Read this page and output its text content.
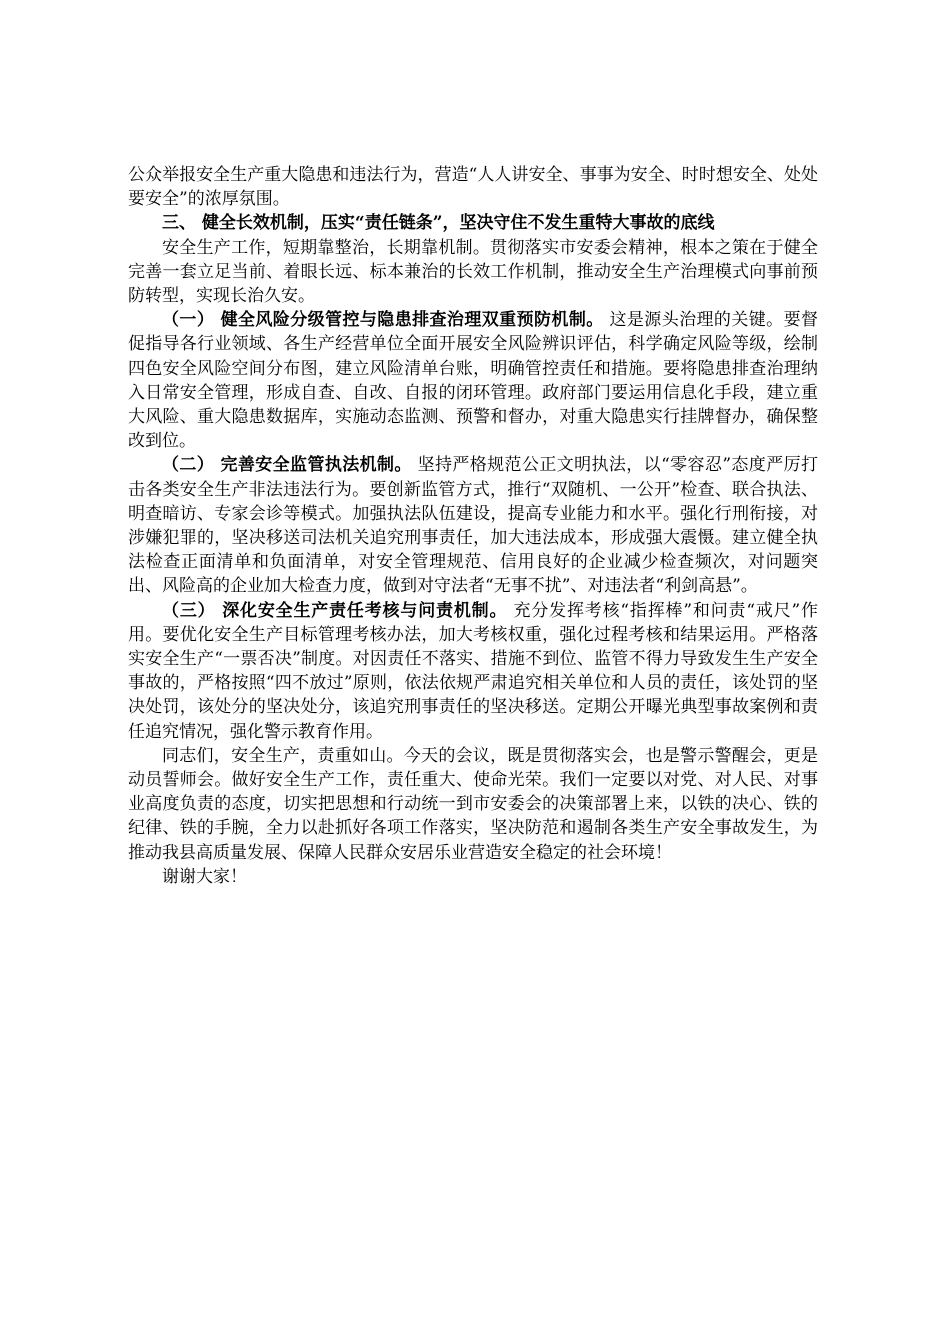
公众举报安全生产重大隐患和违法行为，营造“人人讲安全、事事为安全、时时想安全、处处要安全”的浓厚氛围。

三、 健全长效机制，压实“责任链条”，坚决守住不发生重特大事故的底线

安全生产工作，短期靠整治，长期靠机制。贯彻落实市安委会精神，根本之策在于健全完善一套立足当前、着眼长远、标本兼治的长效工作机制，推动安全生产治理模式向事前预防转型，实现长治久安。

（一） 健全风险分级管控与隐患排查治理双重预防机制。 这是源头治理的关键。要督促指导各行业领域、各生产经营单位全面开展安全风险辨识评估，科学确定风险等级，绘制四色安全风险空间分布图，建立风险清单台账，明确管控责任和措施。要将隐患排查治理纳入日常安全管理，形成自查、自改、自报的闭环管理。政府部门要运用信息化手段，建立重大风险、重大隐患数据库，实施动态监测、预警和督办，对重大隐患实行挂牌督办，确保整改到位。

（二） 完善安全监管执法机制。 坚持严格规范公正文明执法，以“零容忍”态度严厉打击各类安全生产非法违法行为。要创新监管方式，推行“双随机、一公开”检查、联合执法、明查暗访、专家会诊等模式。加强执法队伍建设，提高专业能力和水平。强化行刑衔接，对涉嫌犯罪的，坚决移送司法机关追究刑事责任，加大违法成本，形成强大震慑。建立健全执法检查正面清单和负面清单，对安全管理规范、信用良好的企业减少检查频次，对问题突出、风险高的企业加大检查力度，做到对守法者“无事不扰”、对违法者“利剑高悬”。

（三） 深化安全生产责任考核与问责机制。 充分发挥考核“指挥棒”和问责“戒尺”作用。要优化安全生产目标管理考核办法，加大考核权重，强化过程考核和结果运用。严格落实安全生产“一票否决”制度。对因责任不落实、措施不到位、监管不得力导致发生生产安全事故的，严格按照“四不放过”原则，依法依规严肃追究相关单位和人员的责任，该处罚的坚决处罚，该处分的坚决处分，该追究刑事责任的坚决移送。定期公开曝光典型事故案例和责任追究情况，强化警示教育作用。

同志们，安全生产，责重如山。今天的会议，既是贯彻落实会，也是警示警醒会，更是动员誓师会。做好安全生产工作，责任重大、使命光荣。我们一定要以对党、对人民、对事业高度负责的态度，切实把思想和行动统一到市安委会的决策部署上来，以铁的决心、铁的纪律、铁的手腕，全力以赴抓好各项工作落实，坚决防范和遏制各类生产安全事故发生，为推动我县高质量发展、保障人民群众安居乐业营造安全稳定的社会环境！

谢谢大家！
